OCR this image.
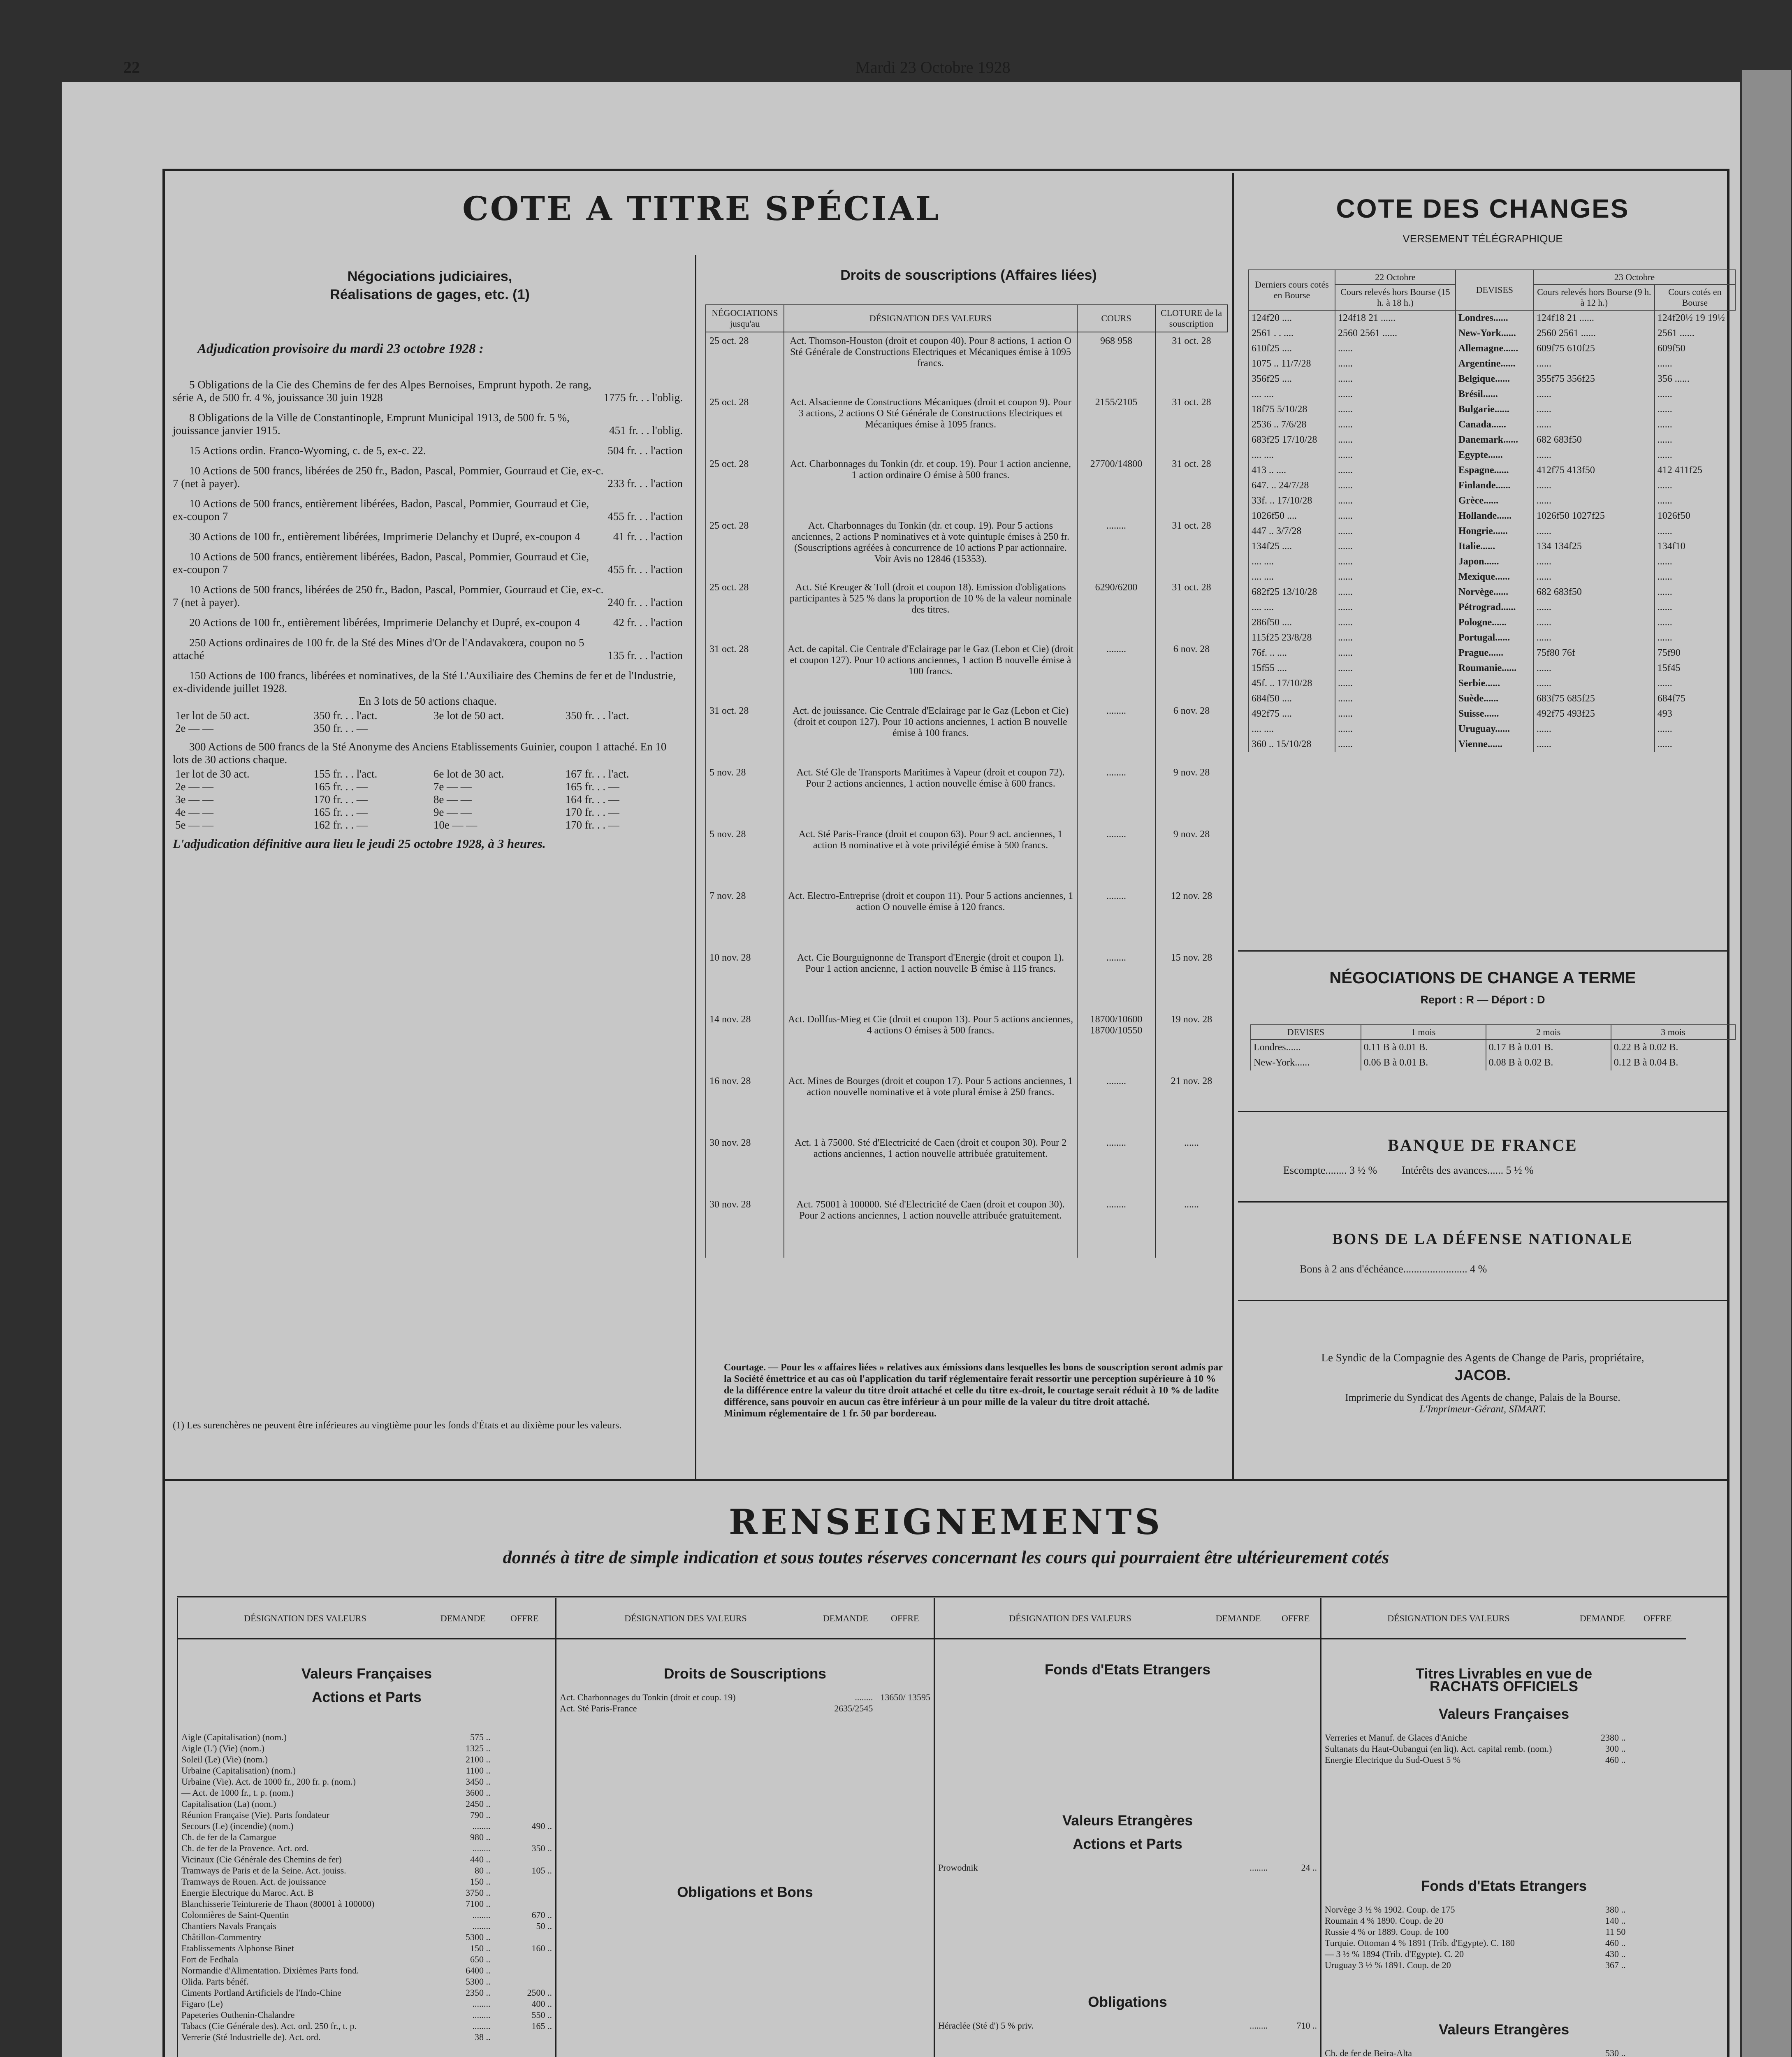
22	Mardi 23 Octobre 1928
COTE A TITRE SPÉCIAL
Négociations judiciaires,
Réalisations de gages, etc. (1)
Adjudication provisoire du mardi 23 octobre 1928 :
5 Obligations de la Cie des Chemins de fer des Alpes Bernoises, Emprunt hypoth. 2e rang, série A, de 500 fr. 4 %, jouissance 30 juin 1928	1775 fr. . . l'oblig.
8 Obligations de la Ville de Constantinople, Emprunt Municipal 1913, de 500 fr. 5 %, jouissance janvier 1915.	451 fr. . . l'oblig.
15 Actions ordin. Franco-Wyoming, c. de 5, ex-c. 22.	504 fr. . . l'action
10 Actions de 500 francs, libérées de 250 fr., Badon, Pascal, Pommier, Gourraud et Cie, ex-c. 7 (net à payer).	233 fr. . . l'action
10 Actions de 500 francs, entièrement libérées, Badon, Pascal, Pommier, Gourraud et Cie, ex-coupon 7	455 fr. . . l'action
30 Actions de 100 fr., entièrement libérées, Imprimerie Delanchy et Dupré, ex-coupon 4	41 fr. . . l'action
10 Actions de 500 francs, entièrement libérées, Badon, Pascal, Pommier, Gourraud et Cie, ex-coupon 7	455 fr. . . l'action
10 Actions de 500 francs, libérées de 250 fr., Badon, Pascal, Pommier, Gourraud et Cie, ex-c. 7 (net à payer).	240 fr. . . l'action
20 Actions de 100 fr., entièrement libérées, Imprimerie Delanchy et Dupré, ex-coupon 4	42 fr. . . l'action
250 Actions ordinaires de 100 fr. de la Sté des Mines d'Or de l'Andavakœra, coupon no 5 attaché	135 fr. . . l'action
150 Actions de 100 francs, libérées et nominatives, de la Sté L'Auxiliaire des Chemins de fer et de l'Industrie, ex-dividende juillet 1928.
En 3 lots de 50 actions chaque.
1er lot de 50 act.	350 fr. . . l'act.	3e lot de 50 act.	350 fr. . . l'act.
2e — —	350 fr. . . —		
300 Actions de 500 francs de la Sté Anonyme des Anciens Etablissements Guinier, coupon 1 attaché. En 10 lots de 30 actions chaque.
1er lot de 30 act.	155 fr. . . l'act.	6e lot de 30 act.	167 fr. . . l'act.
2e — —	165 fr. . . —	7e — —	165 fr. . . —
3e — —	170 fr. . . —	8e — —	164 fr. . . —
4e — —	165 fr. . . —	9e — —	170 fr. . . —
5e — —	162 fr. . . —	10e — —	170 fr. . . —
L'adjudication définitive aura lieu le jeudi 25 octobre 1928, à 3 heures.
(1) Les surenchères ne peuvent être inférieures au vingtième pour les fonds d'États et au dixième pour les valeurs.
Droits de souscriptions (Affaires liées)
NÉGOCIATIONS jusqu'au	DÉSIGNATION DES VALEURS	COURS	CLOTURE de la souscription
25 oct. 28	Act. Thomson-Houston (droit et coupon 40). Pour 8 actions, 1 action O Sté Générale de Constructions Electriques et Mécaniques émise à 1095 francs.	968 958	31 oct. 28
25 oct. 28	Act. Alsacienne de Constructions Mécaniques (droit et coupon 9). Pour 3 actions, 2 actions O Sté Générale de Constructions Electriques et Mécaniques émise à 1095 francs.	2155/2105	31 oct. 28
25 oct. 28	Act. Charbonnages du Tonkin (dr. et coup. 19). Pour 1 action ancienne, 1 action ordinaire O émise à 500 francs.	27700/14800	31 oct. 28
25 oct. 28	Act. Charbonnages du Tonkin (dr. et coup. 19). Pour 5 actions anciennes, 2 actions P nominatives et à vote quintuple émises à 250 fr. (Souscriptions agréées à concurrence de 10 actions P par actionnaire. Voir Avis no 12846 (15353).	........	31 oct. 28
25 oct. 28	Act. Sté Kreuger & Toll (droit et coupon 18). Emission d'obligations participantes à 525 % dans la proportion de 10 % de la valeur nominale des titres.	6290/6200	31 oct. 28
31 oct. 28	Act. de capital. Cie Centrale d'Eclairage par le Gaz (Lebon et Cie) (droit et coupon 127). Pour 10 actions anciennes, 1 action B nouvelle émise à 100 francs.	........	6 nov. 28
31 oct. 28	Act. de jouissance. Cie Centrale d'Eclairage par le Gaz (Lebon et Cie) (droit et coupon 127). Pour 10 actions anciennes, 1 action B nouvelle émise à 100 francs.	........	6 nov. 28
5 nov. 28	Act. Sté Gle de Transports Maritimes à Vapeur (droit et coupon 72). Pour 2 actions anciennes, 1 action nouvelle émise à 600 francs.	........	9 nov. 28
5 nov. 28	Act. Sté Paris-France (droit et coupon 63). Pour 9 act. anciennes, 1 action B nominative et à vote privilégié émise à 500 francs.	........	9 nov. 28
7 nov. 28	Act. Electro-Entreprise (droit et coupon 11). Pour 5 actions anciennes, 1 action O nouvelle émise à 120 francs.	........	12 nov. 28
10 nov. 28	Act. Cie Bourguignonne de Transport d'Energie (droit et coupon 1). Pour 1 action ancienne, 1 action nouvelle B émise à 115 francs.	........	15 nov. 28
14 nov. 28	Act. Dollfus-Mieg et Cie (droit et coupon 13). Pour 5 actions anciennes, 4 actions O émises à 500 francs.	18700/10600 18700/10550	19 nov. 28
16 nov. 28	Act. Mines de Bourges (droit et coupon 17). Pour 5 actions anciennes, 1 action nouvelle nominative et à vote plural émise à 250 francs.	........	21 nov. 28
30 nov. 28	Act. 1 à 75000. Sté d'Electricité de Caen (droit et coupon 30). Pour 2 actions anciennes, 1 action nouvelle attribuée gratuitement.	........	......
30 nov. 28	Act. 75001 à 100000. Sté d'Electricité de Caen (droit et coupon 30). Pour 2 actions anciennes, 1 action nouvelle attribuée gratuitement.	........	......
Courtage. — Pour les « affaires liées » relatives aux émissions dans lesquelles les bons de souscription seront admis par la Société émettrice et au cas où l'application du tarif réglementaire ferait ressortir une perception supérieure à 10 % de la différence entre la valeur du titre droit attaché et celle du titre ex-droit, le courtage serait réduit à 10 % de ladite différence, sans pouvoir en aucun cas être inférieur à un pour mille de la valeur du titre droit attaché.
Minimum réglementaire de 1 fr. 50 par bordereau.
COTE DES CHANGES
VERSEMENT TÉLÉGRAPHIQUE
Derniers cours cotés en Bourse	22 Octobre	DEVISES	23 Octobre	
	Cours relevés hors Bourse (15 h. à 18 h.)		Cours relevés hors Bourse (9 h. à 12 h.)	Cours cotés en Bourse
124f20 ....	124f18 21 ......	Londres......	124f18 21 ......	124f20½ 19 19½
2561 . . ....	2560 2561 ......	New-York......	2560 2561 ......	2561 ......
610f25 ....	......	Allemagne......	609f75 610f25	609f50
1075 .. 11/7/28	......	Argentine......	......	......
356f25 ....	......	Belgique......	355f75 356f25	356 ......
.... ....	......	Brésil......	......	......
18f75 5/10/28	......	Bulgarie......	......	......
2536 .. 7/6/28	......	Canada......	......	......
683f25 17/10/28	......	Danemark......	682 683f50	......
.... ....	......	Egypte......	......	......
413 .. ....	......	Espagne......	412f75 413f50	412 411f25
647. .. 24/7/28	......	Finlande......	......	......
33f. .. 17/10/28	......	Grèce......	......	......
1026f50 ....	......	Hollande......	1026f50 1027f25	1026f50
447 .. 3/7/28	......	Hongrie......	......	......
134f25 ....	......	Italie......	134 134f25	134f10
.... ....	......	Japon......	......	......
.... ....	......	Mexique......	......	......
682f25 13/10/28	......	Norvège......	682 683f50	......
.... ....	......	Pétrograd......	......	......
286f50 ....	......	Pologne......	......	......
115f25 23/8/28	......	Portugal......	......	......
76f. .. ....	......	Prague......	75f80 76f	75f90
15f55 ....	......	Roumanie......	......	15f45
45f. .. 17/10/28	......	Serbie......	......	......
684f50 ....	......	Suède......	683f75 685f25	684f75
492f75 ....	......	Suisse......	492f75 493f25	493
.... ....	......	Uruguay......	......	......
360 .. 15/10/28	......	Vienne......	......	......
NÉGOCIATIONS DE CHANGE A TERME
Report : R — Déport : D
DEVISES	1 mois	2 mois	3 mois
Londres......	0.11 B à 0.01 B.	0.17 B à 0.01 B.	0.22 B à 0.02 B.
New-York......	0.06 B à 0.01 B.	0.08 B à 0.02 B.	0.12 B à 0.04 B.
BANQUE DE FRANCE
Escompte........ 3 ½ % Intérêts des avances...... 5 ½ %
BONS DE LA DÉFENSE NATIONALE
Bons à 2 ans d'échéance........................ 4 %
Le Syndic de la Compagnie des Agents de Change de Paris, propriétaire,
JACOB.
Imprimerie du Syndicat des Agents de change, Palais de la Bourse.
L'Imprimeur-Gérant, SIMART.
RENSEIGNEMENTS
donnés à titre de simple indication et sous toutes réserves concernant les cours qui pourraient être ultérieurement cotés
DÉSIGNATION DES VALEURS	DEMANDE	OFFRE
Valeurs Françaises
Actions et Parts
Aigle (Capitalisation) (nom.)	575 ..
Aigle (L') (Vie) (nom.)	1325 ..
Soleil (Le) (Vie) (nom.)	2100 ..
Urbaine (Capitalisation) (nom.)	1100 ..
Urbaine (Vie). Act. de 1000 fr., 200 fr. p. (nom.)	3450 ..
— Act. de 1000 fr., t. p. (nom.)	3600 ..
Capitalisation (La) (nom.)	2450 ..
Réunion Française (Vie). Parts fondateur	790 ..
Secours (Le) (incendie) (nom.)	........	490 ..
Ch. de fer de la Camargue	980 ..
Ch. de fer de la Provence. Act. ord.	........	350 ..
Vicinaux (Cie Générale des Chemins de fer)	440 ..
Tramways de Paris et de la Seine. Act. jouiss.	80 ..	105 ..
Tramways de Rouen. Act. de jouissance	150 ..
Energie Electrique du Maroc. Act. B	3750 ..
Blanchisserie Teinturerie de Thaon (80001 à 100000)	7100 ..
Colonnières de Saint-Quentin	........	670 ..
Chantiers Navals Français	........	50 ..
Châtillon-Commentry	5300 ..
Etablissements Alphonse Binet	150 ..	160 ..
Fort de Fedhala	650 ..
Normandie d'Alimentation. Dixièmes Parts fond.	6400 ..
Olida. Parts bénéf.	5300 ..
Ciments Portland Artificiels de l'Indo-Chine	2350 ..	2500 ..
Figaro (Le)	........	400 ..
Papeteries Outhenin-Chalandre	........	550 ..
Tabacs (Cie Générale des). Act. ord. 250 fr., t. p.	........	165 ..
Verrerie (Sté Industrielle de). Act. ord.	38 ..
DÉSIGNATION DES VALEURS	DEMANDE	OFFRE
Droits de Souscriptions
Act. Charbonnages du Tonkin (droit et coup. 19)	........ 13650/ 13595
Act. Sté Paris-France	2635/2545
Obligations et Bons
DÉSIGNATION DES VALEURS	DEMANDE	OFFRE
Fonds d'Etats Etrangers
Valeurs Etrangères
Actions et Parts
Prowodnik	........	24 ..
Obligations
Héraclée (Sté d') 5 % priv.	........	710 ..
DÉSIGNATION DES VALEURS	DEMANDE	OFFRE
Titres Livrables en vue de
RACHATS OFFICIELS
Valeurs Françaises
Verreries et Manuf. de Glaces d'Aniche	2380 ..
Sultanats du Haut-Oubangui (en liq). Act. capital remb. (nom.)	300 ..
Energie Electrique du Sud-Ouest 5 %	460 ..
Fonds d'Etats Etrangers
Norvège 3 ½ % 1902. Coup. de 175	380 ..
Roumain 4 % 1890. Coup. de 20	140 ..
Russie 4 % or 1889. Coup. de 100	11 50
Turquie. Ottoman 4 % 1891 (Trib. d'Egypte). C. 180	460 ..
— 3 ½ % 1894 (Trib. d'Egypte). C. 20	430 ..
Uruguay 3 ½ % 1891. Coup. de 20	367 ..
Valeurs Etrangères
Ch. de fer de Beira-Alta	530 ..
